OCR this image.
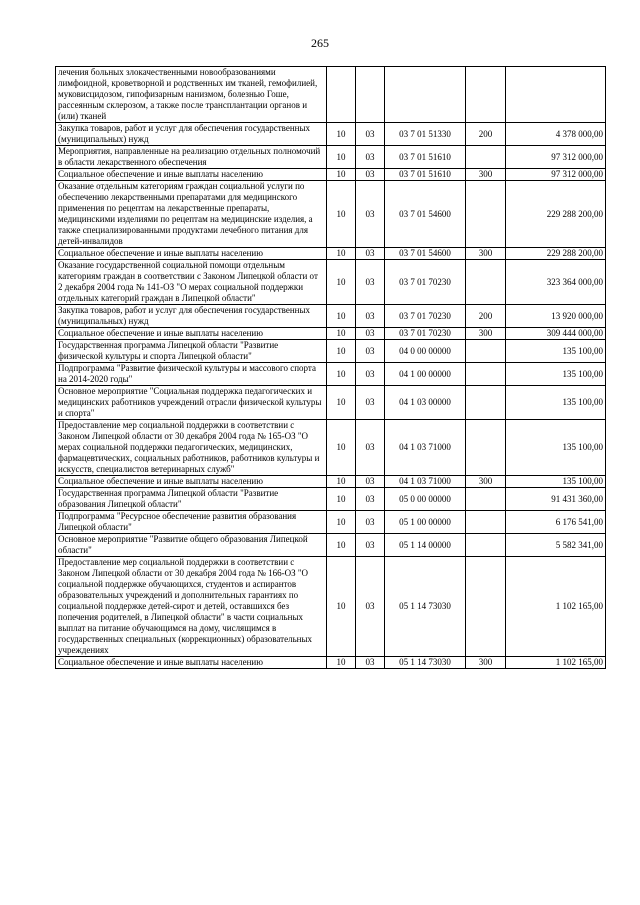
265
лечения больных злокачественными новообразованиями лимфоидной, кроветворной и родственных им тканей, гемофилией, муковисцидозом, гипофизарным нанизмом, болезнью Гоше, рассеянным склерозом, а также после трансплантации органов и (или) тканей					
Закупка товаров, работ и услуг для обеспечения государственных (муниципальных) нужд	10	03	03 7 01 51330	200	4 378 000,00
Мероприятия, направленные на реализацию отдельных полномочий в области лекарственного обеспечения	10	03	03 7 01 51610		97 312 000,00
Социальное обеспечение и иные выплаты населению	10	03	03 7 01 51610	300	97 312 000,00
Оказание отдельным категориям граждан социальной услуги по обеспечению лекарственными препаратами для медицинского применения по рецептам на лекарственные препараты, медицинскими изделиями по рецептам на медицинские изделия, а также специализированными продуктами лечебного питания для детей-инвалидов	10	03	03 7 01 54600		229 288 200,00
Социальное обеспечение и иные выплаты населению	10	03	03 7 01 54600	300	229 288 200,00
Оказание государственной социальной помощи отдельным категориям граждан в соответствии с Законом Липецкой области от 2 декабря 2004 года № 141-ОЗ "О мерах социальной поддержки отдельных категорий граждан в Липецкой области"	10	03	03 7 01 70230		323 364 000,00
Закупка товаров, работ и услуг для обеспечения государственных (муниципальных) нужд	10	03	03 7 01 70230	200	13 920 000,00
Социальное обеспечение и иные выплаты населению	10	03	03 7 01 70230	300	309 444 000,00
Государственная программа Липецкой области "Развитие физической культуры и спорта Липецкой области"	10	03	04 0 00 00000		135 100,00
Подпрограмма "Развитие физической культуры и массового спорта на 2014-2020 годы"	10	03	04 1 00 00000		135 100,00
Основное мероприятие "Социальная поддержка педагогических и медицинских работников учреждений отрасли физической культуры и спорта"	10	03	04 1 03 00000		135 100,00
Предоставление мер социальной поддержки в соответствии с Законом Липецкой области от 30 декабря 2004 года № 165-ОЗ "О мерах социальной поддержки педагогических, медицинских, фармацевтических, социальных работников, работников культуры и искусств, специалистов ветеринарных служб"	10	03	04 1 03 71000		135 100,00
Социальное обеспечение и иные выплаты населению	10	03	04 1 03 71000	300	135 100,00
Государственная программа Липецкой области "Развитие образования Липецкой области"	10	03	05 0 00 00000		91 431 360,00
Подпрограмма "Ресурсное обеспечение развития образования Липецкой области"	10	03	05 1 00 00000		6 176 541,00
Основное мероприятие "Развитие общего образования Липецкой области"	10	03	05 1 14 00000		5 582 341,00
Предоставление мер социальной поддержки в соответствии с Законом Липецкой области от 30 декабря 2004 года № 166-ОЗ "О социальной поддержке обучающихся, студентов и аспирантов образовательных учреждений и дополнительных гарантиях по социальной поддержке детей-сирот и детей, оставшихся без попечения родителей, в Липецкой области" в части социальных выплат на питание обучающимся на дому, числящимся в государственных специальных (коррекционных) образовательных учреждениях	10	03	05 1 14 73030		1 102 165,00
Социальное обеспечение и иные выплаты населению	10	03	05 1 14 73030	300	1 102 165,00
